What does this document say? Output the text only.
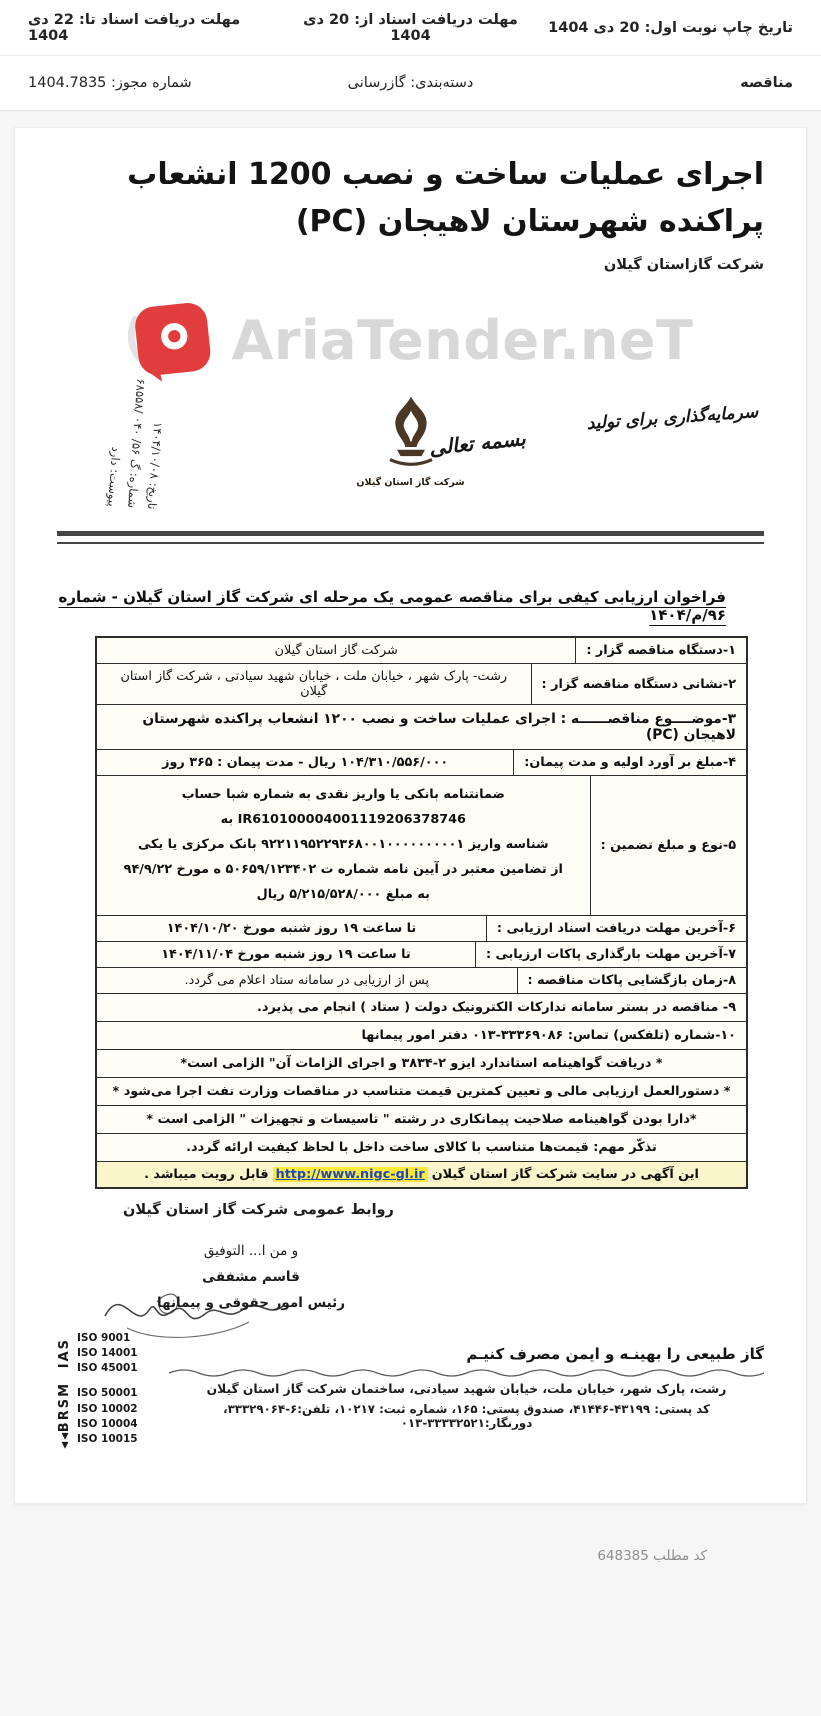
تاریخ چاپ نوبت اول: 20 دی 1404
مهلت دریافت اسناد از: 20 دی 1404
مهلت دریافت اسناد تا: 22 دی 1404
مناقصه
دسته‌بندی: گازرسانی
شماره مجوز: 1404.7835
اجرای عملیات ساخت و نصب 1200 انشعاب پراکنده شهرستان لاهیجان (PC)
شرکت گازاستان گیلان
AriaTender.neT
سرمایه‌گذاری برای تولید
بسمه تعالی
شرکت گاز استان گیلان
تاریخ: ۱۴۰۴/۱۰/۰۸
شماره: گ ۵۶/ ۰۴۰ /۶۸۵۵۸
پیوست: دارد
فراخوان ارزیابی کیفی برای مناقصه عمومی یک مرحله ای شرکت گاز استان گیلان - شماره ۹۶/م/۱۴۰۴
۱-دستگاه مناقصه گزار :
شرکت گاز استان گیلان
۲-نشانی دستگاه مناقصه گزار :
رشت- پارک شهر ، خیابان ملت ، خیابان شهید سیادتی ، شرکت گاز استان گیلان
۳-موضــــوع مناقصــــــه : اجرای عملیات ساخت و نصب ۱۲۰۰ انشعاب پراکنده شهرستان لاهیجان (PC)
۴-مبلغ بر آورد اولیه و مدت پیمان:
۱۰۴/۳۱۰/۵۵۶/۰۰۰ ریال - مدت پیمان : ۳۶۵ روز
۵-نوع و مبلغ تضمین :
ضمانتنامه بانکی یا واریز نقدی به شماره شبا حساب IR610100004001119206378746 به
شناسه واریز ۹۲۲۱۱۹۵۲۲۹۳۶۸۰۰۱۰۰۰۰۰۰۰۰۰۱ بانک مرکزی یا یکی
از تضامین معتبر در آیین نامه شماره ت ۵۰۶۵۹/۱۲۳۴۰۲ ه مورخ ۹۴/۹/۲۲
به مبلغ ۵/۲۱۵/۵۲۸/۰۰۰ ریال
۶-آخرین مهلت دریافت اسناد ارزیابی :
تا ساعت ۱۹ روز شنبه مورخ ۱۴۰۴/۱۰/۲۰
۷-آخرین مهلت بارگذاری پاکات ارزیابی :
تا ساعت ۱۹ روز شنبه مورخ ۱۴۰۴/۱۱/۰۴
۸-زمان بازگشایی پاکات مناقصه :
پس از ارزیابی در سامانه ستاد اعلام می گردد.
۹- مناقصه در بستر سامانه تدارکات الکترونیک دولت ( ستاد ) انجام می پذیرد.
۱۰-شماره (تلفکس) تماس: ۳۳۳۶۹۰۸۶-۰۱۳ دفتر امور پیمانها
* دریافت گواهینامه استاندارد ایزو ۲-۳۸۳۴ و اجرای الزامات آن" الزامی است*
* دستورالعمل ارزیابی مالی و تعیین کمترین قیمت متناسب در مناقصات وزارت نفت اجرا می‌شود *
*دارا بودن گواهینامه صلاحیت پیمانکاری در رشته " تاسیسات و تجهیزات " الزامی است *
تذکّر مهم: قیمت‌ها متناسب با کالای ساخت داخل با لحاظ کیفیت ارائه گردد.
این آگهی در سایت شرکت گاز استان گیلانhttp://www.nigc-gl.irقابل رویت میباشد .
روابط عمومی شرکت گاز استان گیلان
و من ا... التوفیق
قاسم مشفقی
رئیس امور حقوقی و پیمانها
IAS
ISO 9001
ISO 14001
ISO 45001
▲▲BRSM ISO 50001
ISO 10002
ISO 10004
ISO 10015
گاز طبیعی را بهینـه و ایمن مصرف کنیـم
رشت، پارک شهر، خیابان ملت، خیابان شهید سیادتی، ساختمان شرکت گاز استان گیلان
کد پستی: ۴۳۱۹۹-۴۱۴۴۶، صندوق پستی: ۱۶۵، شماره ثبت: ۱۰۲۱۷، تلفن:۶-۳۳۳۲۹۰۶۴، دورنگار:۳۳۳۳۲۵۲۱-۰۱۳
کد مطلب 648385
